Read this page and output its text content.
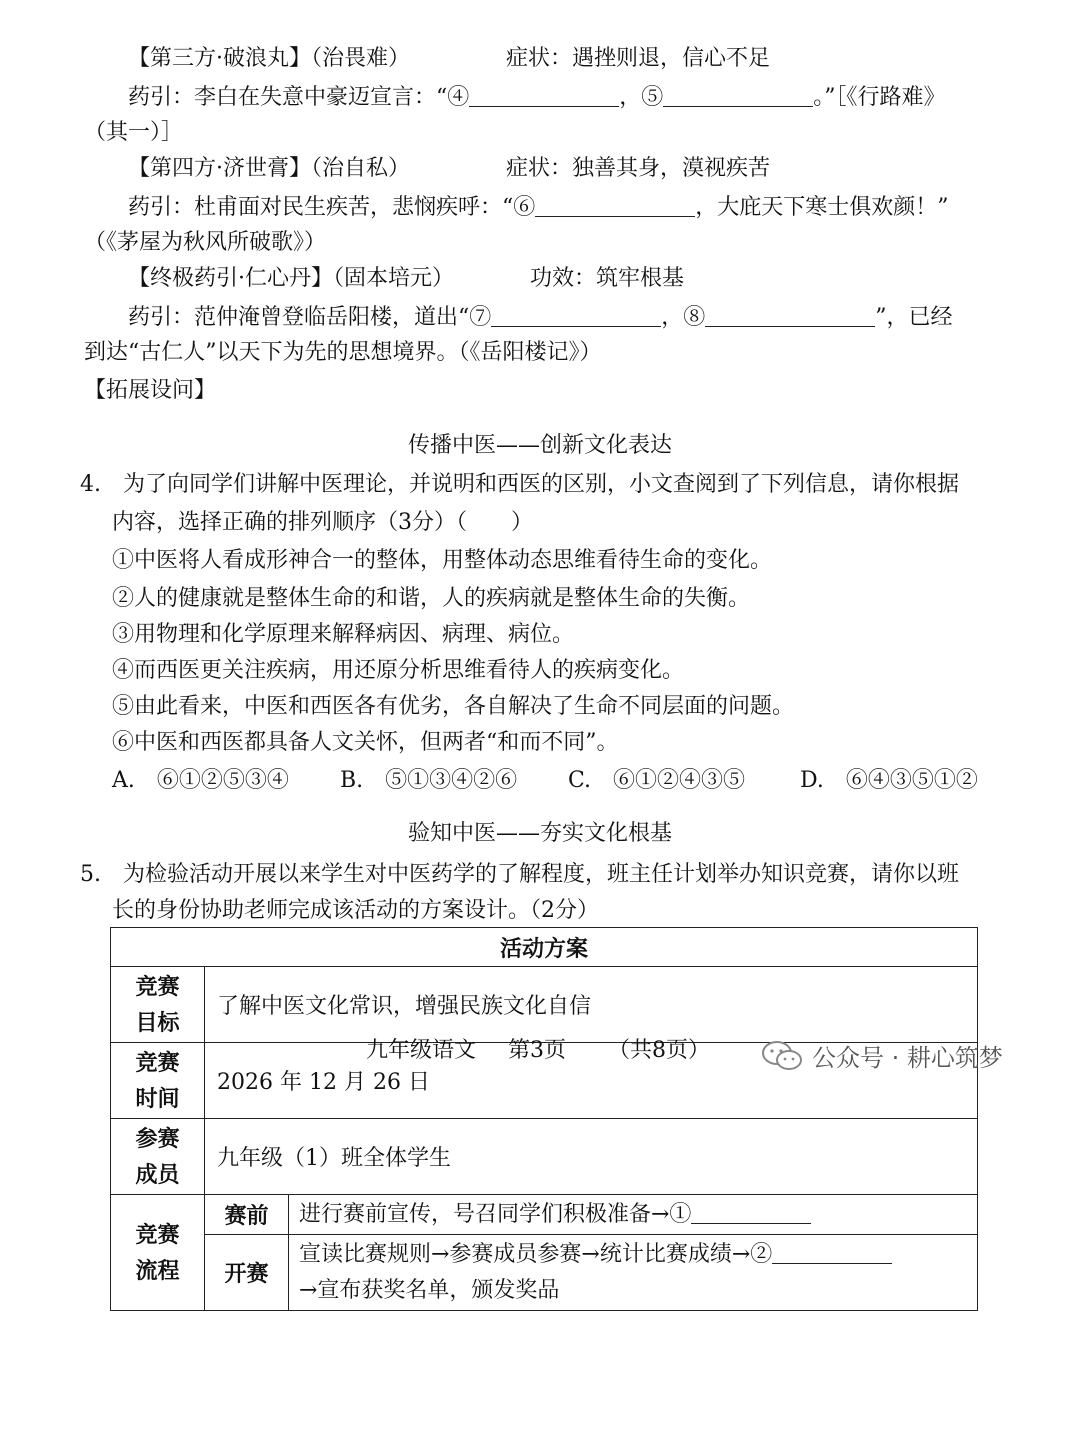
【第三方·破浪丸】（治畏难）	症状：遇挫则退，信心不足
药引：李白在失意中豪迈宣言：“④	，⑤	。”［《行路难》
（其一）］
【第四方·济世膏】（治自私）	症状：独善其身，漠视疾苦
药引：杜甫面对民生疾苦，悲悯疾呼：“⑥	，大庇天下寒士俱欢颜！”
（《茅屋为秋风所破歌》）
【终极药引·仁心丹】（固本培元）	功效：筑牢根基
药引：范仲淹曾登临岳阳楼，道出“⑦	，⑧	”，已经
到达“古仁人”以天下为先的思想境界。（《岳阳楼记》）
【拓展设问】
传播中医——创新文化表达
4.　为了向同学们讲解中医理论，并说明和西医的区别，小文查阅到了下列信息，请你根据
内容，选择正确的排列顺序（3分）（　　）
①中医将人看成形神合一的整体，用整体动态思维看待生命的变化。
②人的健康就是整体生命的和谐，人的疾病就是整体生命的失衡。
③用物理和化学原理来解释病因、病理、病位。
④而西医更关注疾病，用还原分析思维看待人的疾病变化。
⑤由此看来，中医和西医各有优劣，各自解决了生命不同层面的问题。
⑥中医和西医都具备人文关怀，但两者“和而不同”。
A.　⑥①②⑤③④ B.　⑤①③④②⑥ C.　⑥①②④③⑤ D.　⑥④③⑤①②
验知中医——夯实文化根基
5.　为检验活动开展以来学生对中医药学的了解程度，班主任计划举办知识竞赛，请你以班
长的身份协助老师完成该活动的方案设计。（2分）
活动方案		

竞赛
目标	了解中医文化常识，增强民族文化自信	

竞赛
时间	2026 年 12 月 26 日	

参赛
成员	九年级（1）班全体学生	

竞赛
流程	赛前	进行赛前宣传，号召同学们积极准备→①
	开赛	宣读比赛规则→参赛成员参赛→统计比赛成绩→②
→宣布获奖名单，颁发奖品
九年级语文 第3页 （共8页）	公众号 · 耕心筑梦
